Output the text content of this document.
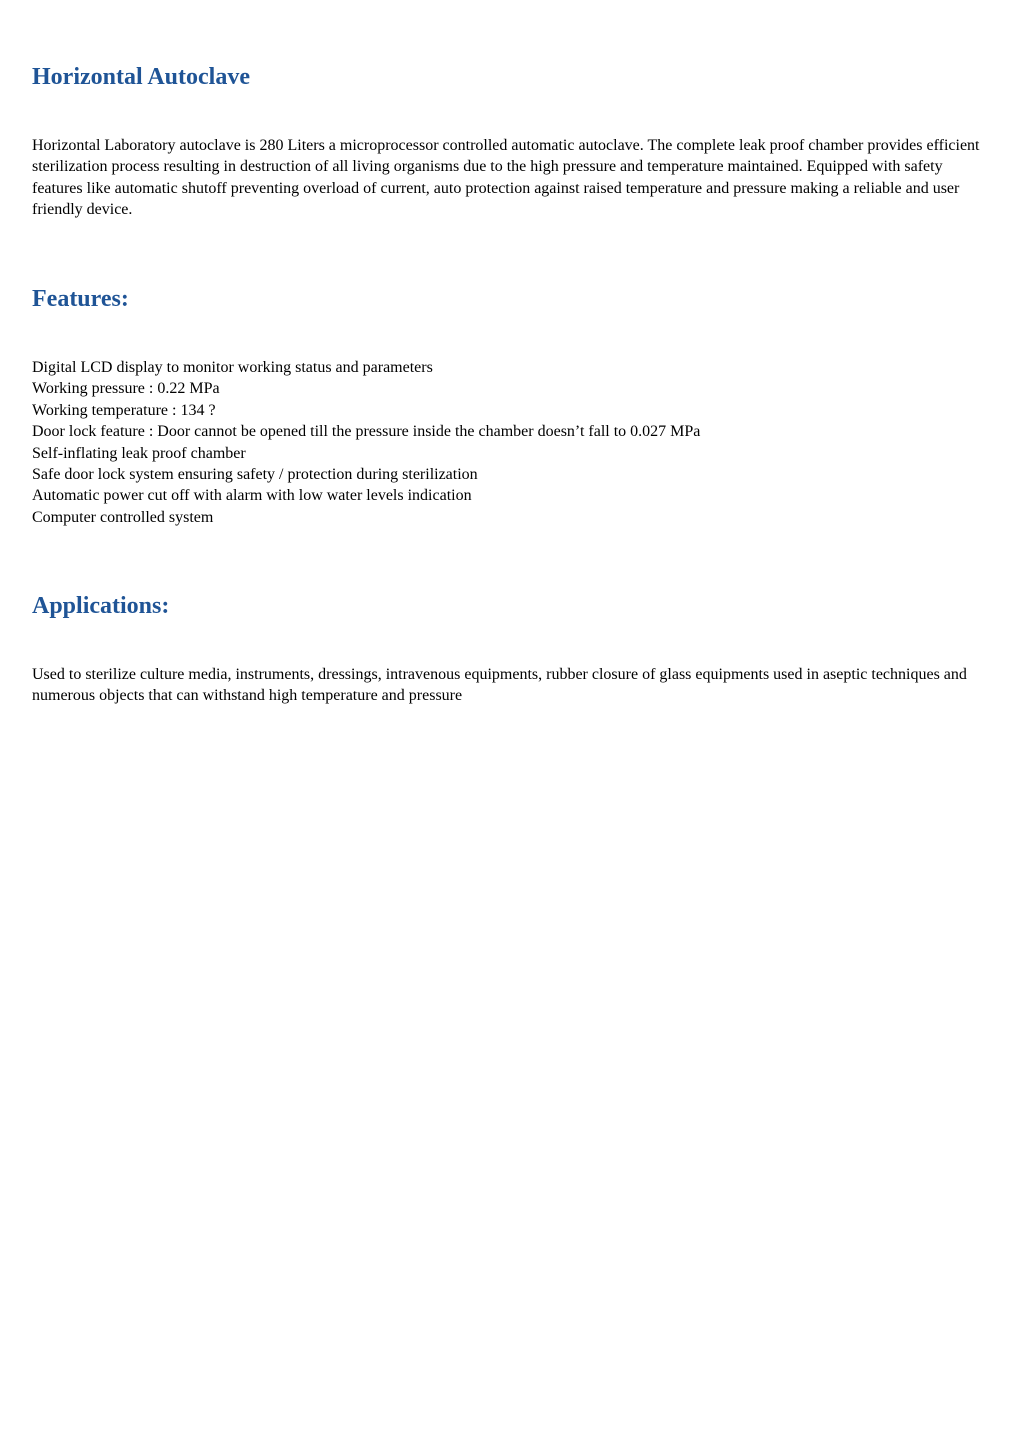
Horizontal Autoclave

Horizontal Laboratory autoclave is 280 Liters a microprocessor controlled automatic autoclave. The complete leak proof chamber provides efficient sterilization process resulting in destruction of all living organisms due to the high pressure and temperature maintained. Equipped with safety features like automatic shutoff preventing overload of current, auto protection against raised temperature and pressure making a reliable and user friendly device.

Features:
Digital LCD display to monitor working status and parameters
Working pressure : 0.22 MPa
Working temperature : 134 ?
Door lock feature : Door cannot be opened till the pressure inside the chamber doesn’t fall to 0.027 MPa
Self-inflating leak proof chamber
Safe door lock system ensuring safety / protection during sterilization
Automatic power cut off with alarm with low water levels indication
Computer controlled system
Applications:

Used to sterilize culture media, instruments, dressings, intravenous equipments, rubber closure of glass equipments used in aseptic techniques and numerous objects that can withstand high temperature and pressure
